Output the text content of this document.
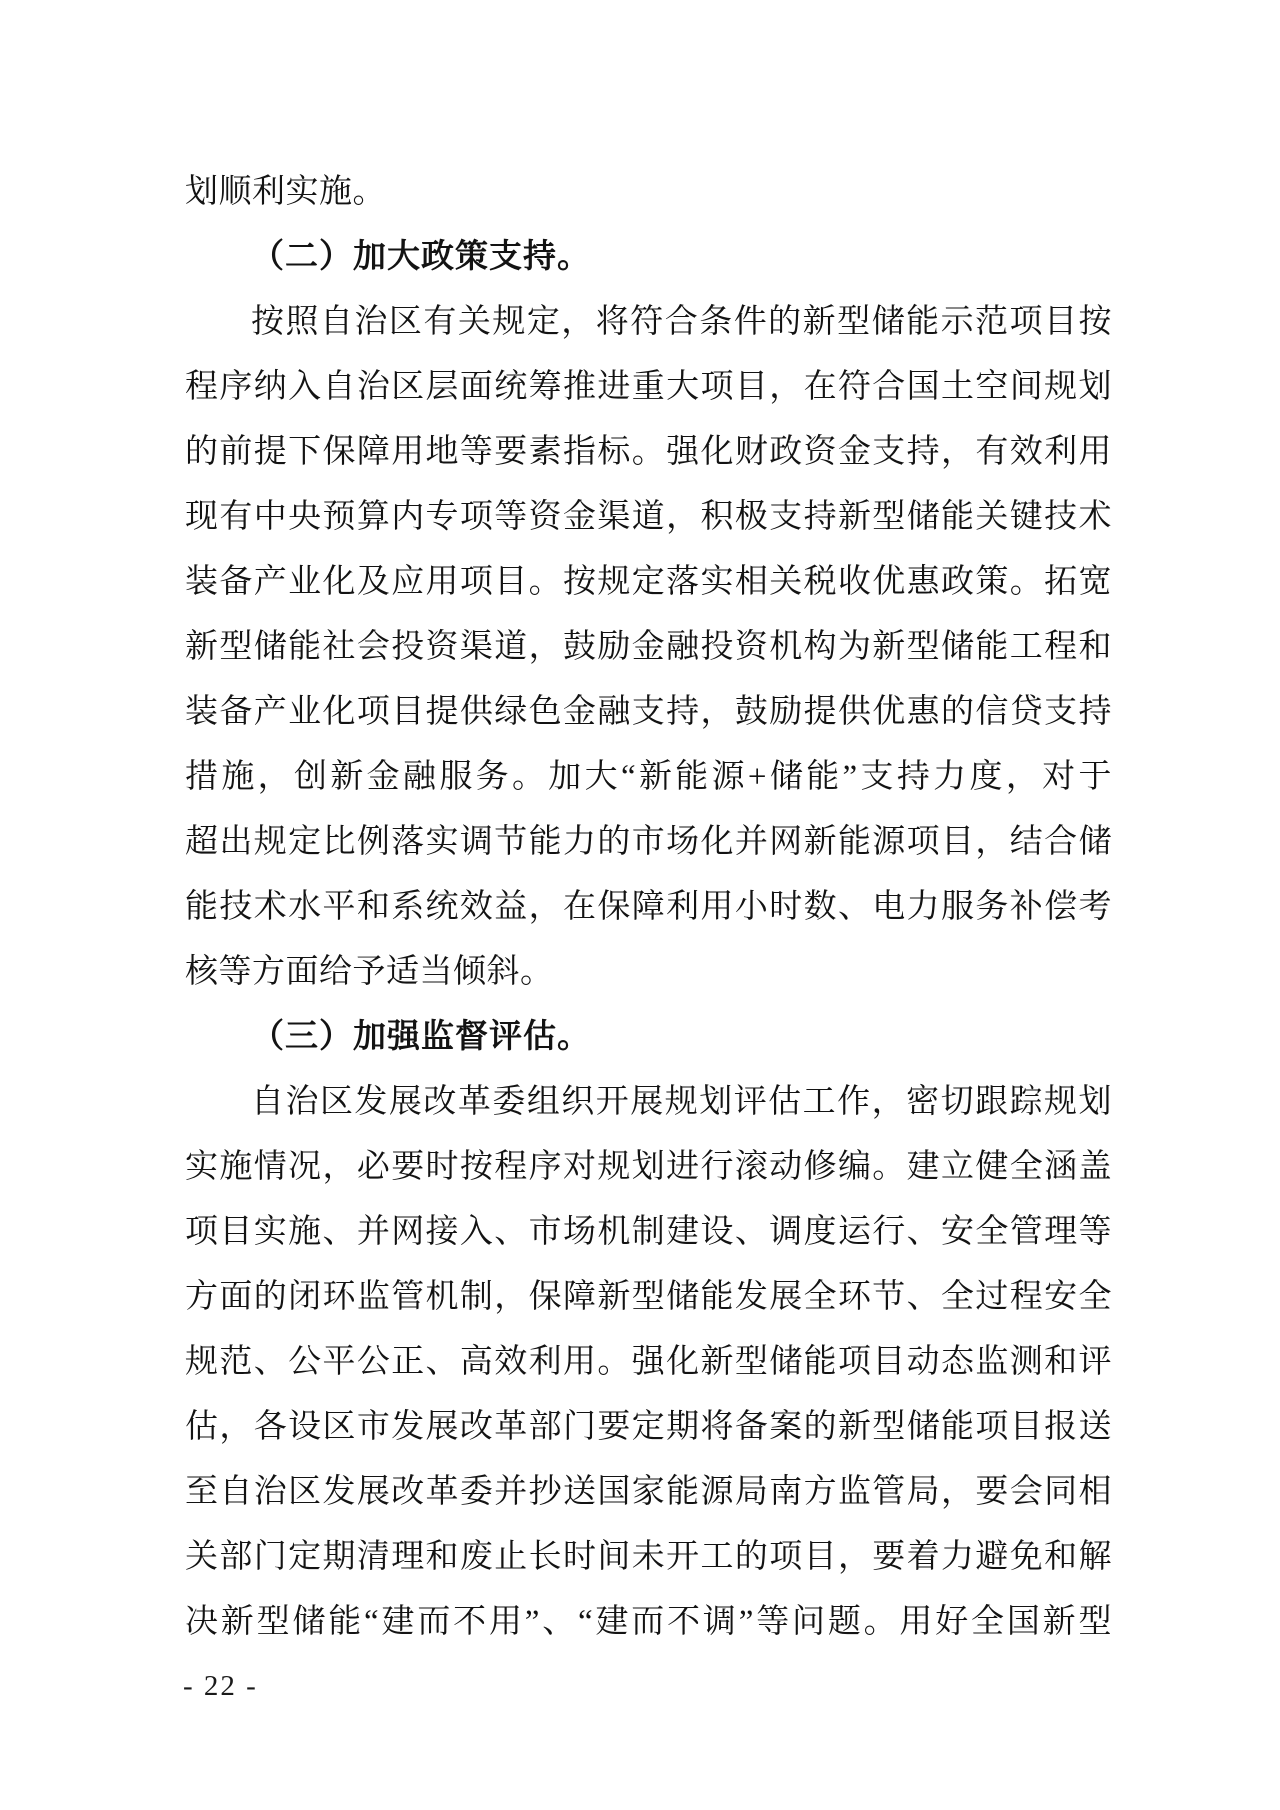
划顺利实施。
（二）加大政策支持。
按照自治区有关规定，将符合条件的新型储能示范项目按
程序纳入自治区层面统筹推进重大项目，在符合国土空间规划
的前提下保障用地等要素指标。强化财政资金支持，有效利用
现有中央预算内专项等资金渠道，积极支持新型储能关键技术
装备产业化及应用项目。按规定落实相关税收优惠政策。拓宽
新型储能社会投资渠道，鼓励金融投资机构为新型储能工程和
装备产业化项目提供绿色金融支持，鼓励提供优惠的信贷支持
措施，创新金融服务。加大“新能源+储能”支持力度，对于
超出规定比例落实调节能力的市场化并网新能源项目，结合储
能技术水平和系统效益，在保障利用小时数、电力服务补偿考
核等方面给予适当倾斜。
（三）加强监督评估。
自治区发展改革委组织开展规划评估工作，密切跟踪规划
实施情况，必要时按程序对规划进行滚动修编。建立健全涵盖
项目实施、并网接入、市场机制建设、调度运行、安全管理等
方面的闭环监管机制，保障新型储能发展全环节、全过程安全
规范、公平公正、高效利用。强化新型储能项目动态监测和评
估，各设区市发展改革部门要定期将备案的新型储能项目报送
至自治区发展改革委并抄送国家能源局南方监管局，要会同相
关部门定期清理和废止长时间未开工的项目，要着力避免和解
决新型储能“建而不用”、“建而不调”等问题。用好全国新型
- 22 -
